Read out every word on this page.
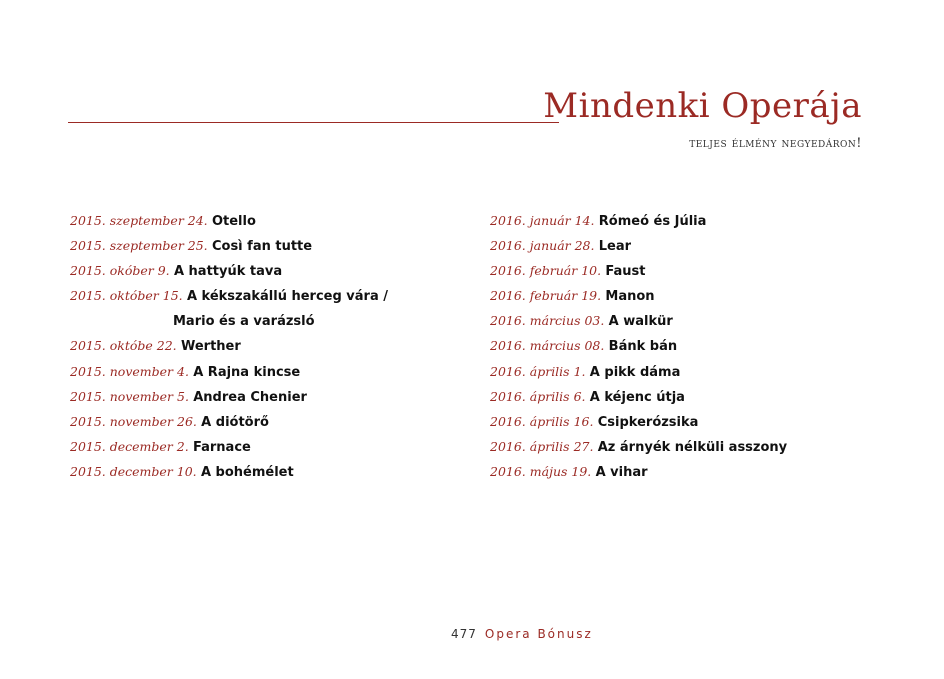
Mindenki Operája
teljes élmény negyedáron!
2015. szeptember 24. Otello
2015. szeptember 25. Così fan tutte
2015. okóber 9. A hattyúk tava
2015. október 15. A kékszakállú herceg vára /
Mario és a varázsló
2015. októbe 22. Werther
2015. november 4. A Rajna kincse
2015. november 5. Andrea Chenier
2015. november 26. A diótörő
2015. december 2. Farnace
2015. december 10. A bohémélet
2016. január 14. Rómeó és Júlia
2016. január 28. Lear
2016. február 10. Faust
2016. február 19. Manon
2016. március 03. A walkür
2016. március 08. Bánk bán
2016. április 1. A pikk dáma
2016. április 6. A kéjenc útja
2016. április 16. Csipkerózsika
2016. április 27. Az árnyék nélküli asszony
2016. május 19. A vihar
477 Opera Bónusz
